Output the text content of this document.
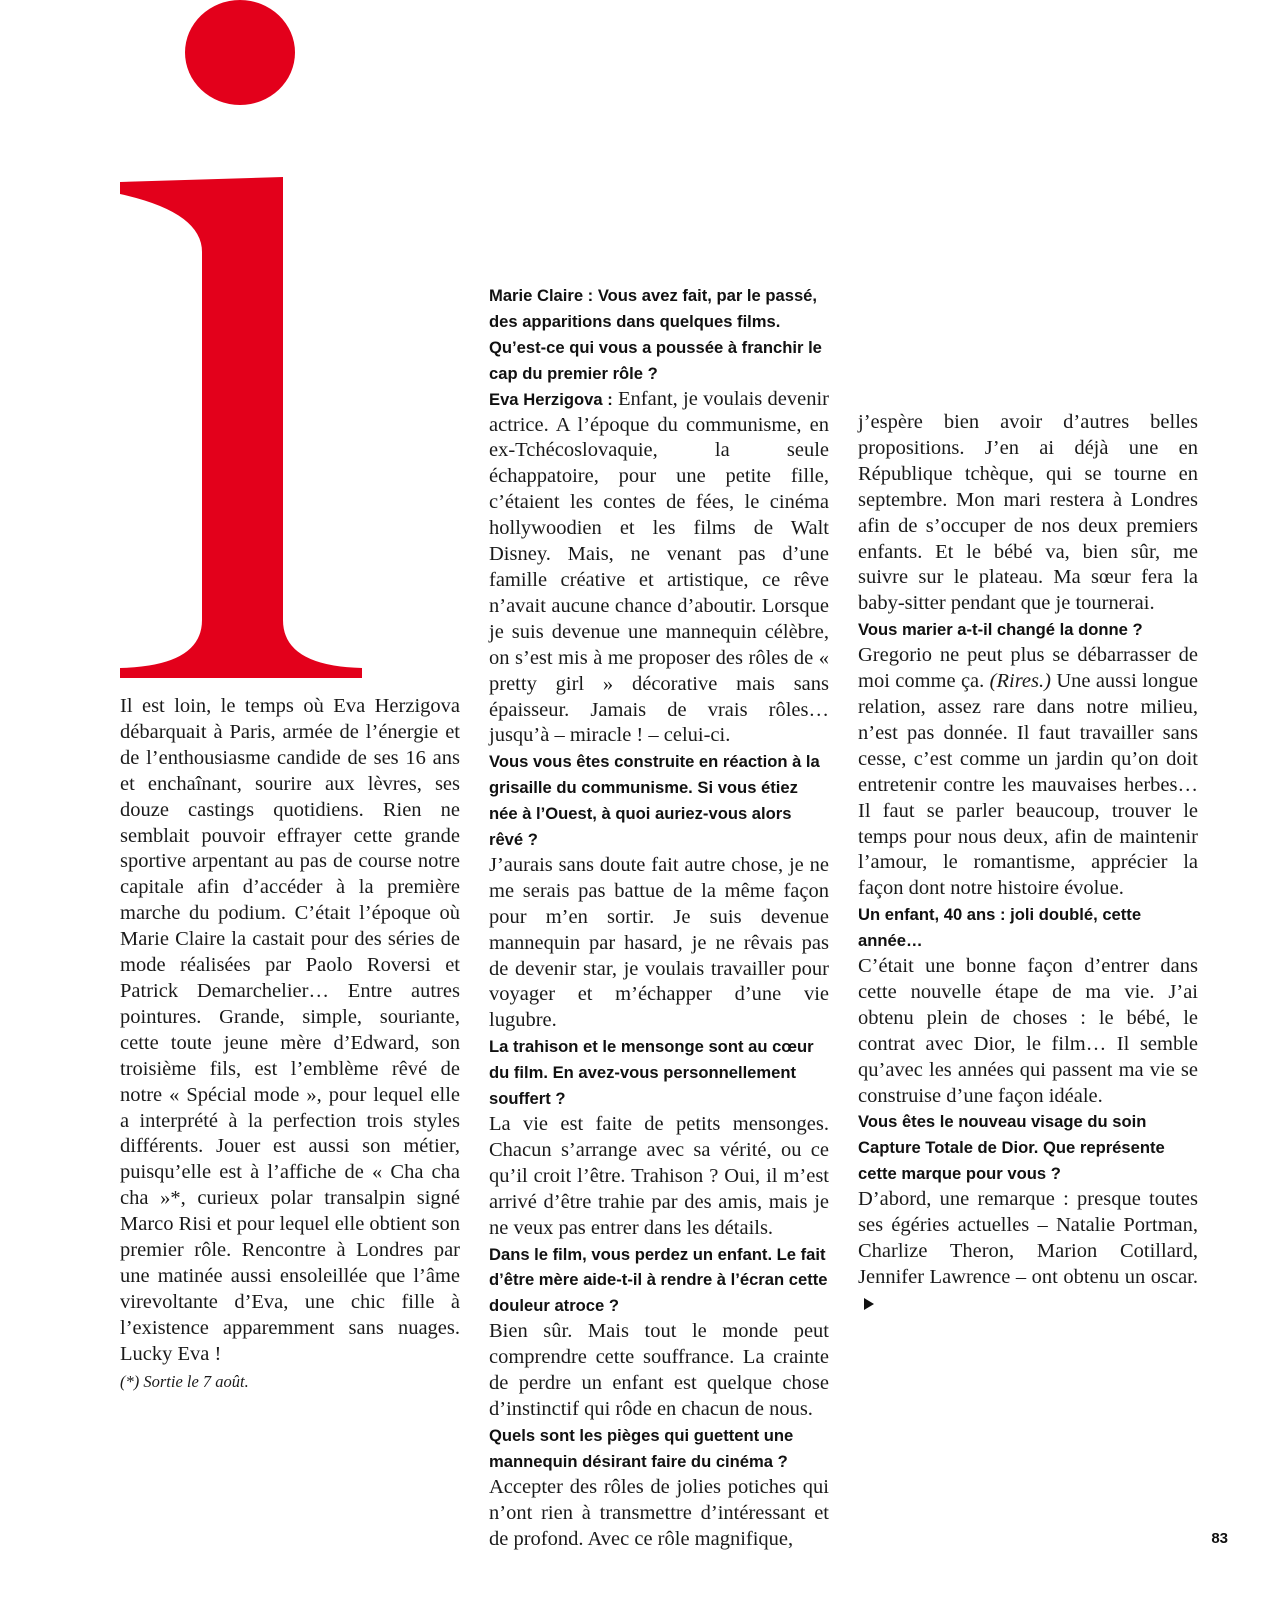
Il est loin, le temps où Eva Herzigova débarquait à Paris, armée de l’énergie et de l’enthousiasme candide de ses 16 ans et enchaînant, sourire aux lèvres, ses douze castings quotidiens. Rien ne semblait pouvoir effrayer cette grande sportive arpentant au pas de course notre capitale afin d’accéder à la première marche du podium. C’était l’époque où Marie Claire la castait pour des séries de mode réalisées par Paolo Roversi et Patrick Demarchelier… Entre autres pointures. Grande, simple, souriante, cette toute jeune mère d’Edward, son troisième fils, est l’emblème rêvé de notre « Spécial mode », pour lequel elle a interprété à la perfection trois styles différents. Jouer est aussi son métier, puisqu’elle est à l’affiche de « Cha cha cha »*, curieux polar transalpin signé Marco Risi et pour lequel elle obtient son premier rôle. Rencontre à Londres par une matinée aussi ensoleillée que l’âme virevoltante d’Eva, une chic fille à l’existence apparemment sans nuages. Lucky Eva !

(*) Sortie le 7 août.

Marie Claire : Vous avez fait, par le passé, des apparitions dans quelques films. Qu’est-ce qui vous a poussée à franchir le cap du premier rôle ?

Eva Herzigova : Enfant, je voulais devenir actrice. A l’époque du communisme, en ex-Tchécoslovaquie, la seule échappatoire, pour une petite fille, c’étaient les contes de fées, le cinéma hollywoodien et les films de Walt Disney. Mais, ne venant pas d’une famille créative et artistique, ce rêve n’avait aucune chance d’aboutir. Lorsque je suis devenue une mannequin célèbre, on s’est mis à me proposer des rôles de « pretty girl » décorative mais sans épaisseur. Jamais de vrais rôles… jusqu’à – miracle ! – celui-ci.

Vous vous êtes construite en réaction à la grisaille du communisme. Si vous étiez née à l’Ouest, à quoi auriez-vous alors rêvé ?

J’aurais sans doute fait autre chose, je ne me serais pas battue de la même façon pour m’en sortir. Je suis devenue mannequin par hasard, je ne rêvais pas de devenir star, je voulais travailler pour voyager et m’échapper d’une vie lugubre.

La trahison et le mensonge sont au cœur du film. En avez-vous personnellement souffert ?

La vie est faite de petits mensonges. Chacun s’arrange avec sa vérité, ou ce qu’il croit l’être. Trahison ? Oui, il m’est arrivé d’être trahie par des amis, mais je ne veux pas entrer dans les détails.

Dans le film, vous perdez un enfant. Le fait d’être mère aide-t-il à rendre à l’écran cette douleur atroce ?

Bien sûr. Mais tout le monde peut comprendre cette souffrance. La crainte de perdre un enfant est quelque chose d’instinctif qui rôde en chacun de nous.

Quels sont les pièges qui guettent une mannequin désirant faire du cinéma ?

Accepter des rôles de jolies potiches qui n’ont rien à transmettre d’intéressant et de profond. Avec ce rôle magnifique,

j’espère bien avoir d’autres belles propositions. J’en ai déjà une en République tchèque, qui se tourne en septembre. Mon mari restera à Londres afin de s’occuper de nos deux premiers enfants. Et le bébé va, bien sûr, me suivre sur le plateau. Ma sœur fera la baby-sitter pendant que je tournerai.

Vous marier a-t-il changé la donne ?

Gregorio ne peut plus se débarrasser de moi comme ça. (Rires.) Une aussi longue relation, assez rare dans notre milieu, n’est pas donnée. Il faut travailler sans cesse, c’est comme un jardin qu’on doit entretenir contre les mauvaises herbes… Il faut se parler beaucoup, trouver le temps pour nous deux, afin de maintenir l’amour, le romantisme, apprécier la façon dont notre histoire évolue.

Un enfant, 40 ans : joli doublé, cette année…

C’était une bonne façon d’entrer dans cette nouvelle étape de ma vie. J’ai obtenu plein de choses : le bébé, le contrat avec Dior, le film… Il semble qu’avec les années qui passent ma vie se construise d’une façon idéale.

Vous êtes le nouveau visage du soin Capture Totale de Dior. Que représente cette marque pour vous ?

D’abord, une remarque : presque toutes ses égéries actuelles – Natalie Portman, Charlize Theron, Marion Cotillard, Jennifer Lawrence – ont obtenu un oscar.

83
